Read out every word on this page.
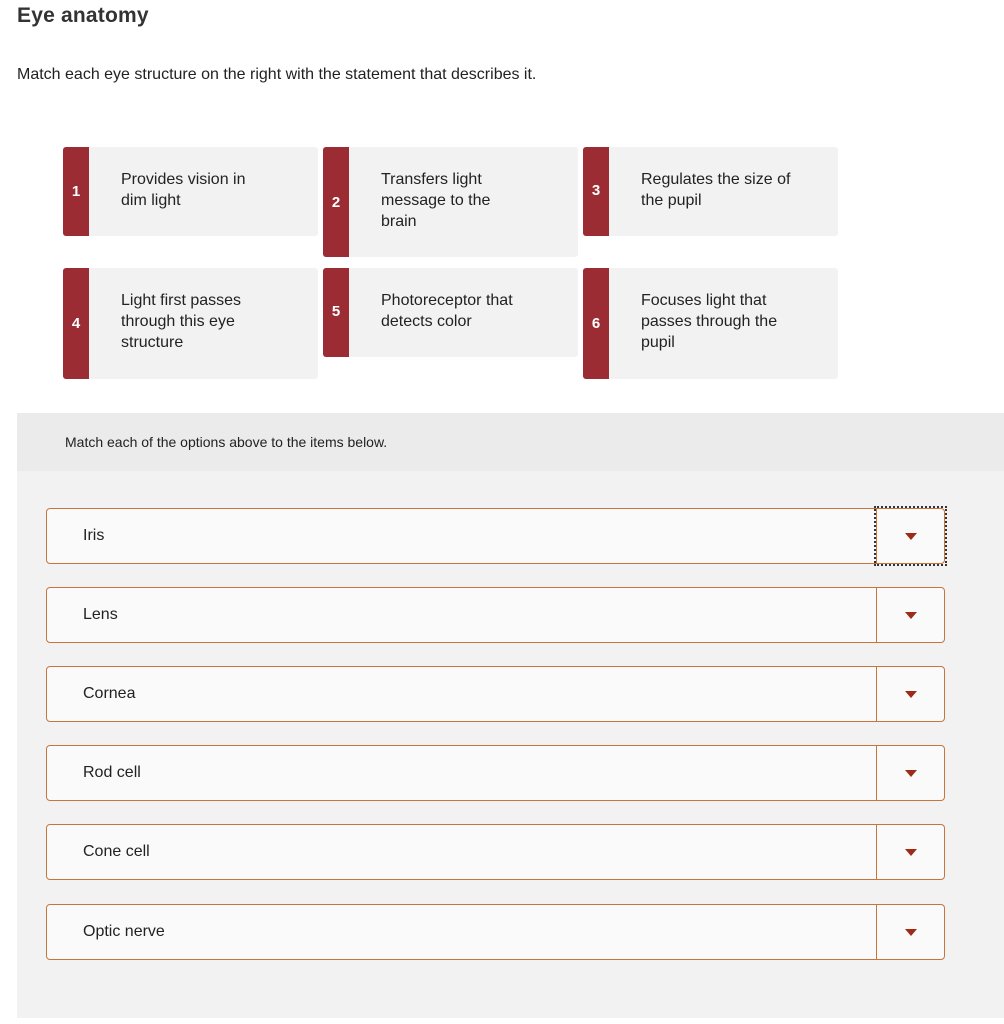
Eye anatomy

Match each eye structure on the right with the statement that describes it.

1
Provides vision in dim light	2
Transfers light message to the brain
3
Regulates the size of the pupil
4
Light first passes through this eye structure
5
Photoreceptor that detects color	6
Focuses light that passes through the pupil
Match each of the options above to the items below.
Iris
Lens
Cornea
Rod cell
Cone cell
Optic nerve
